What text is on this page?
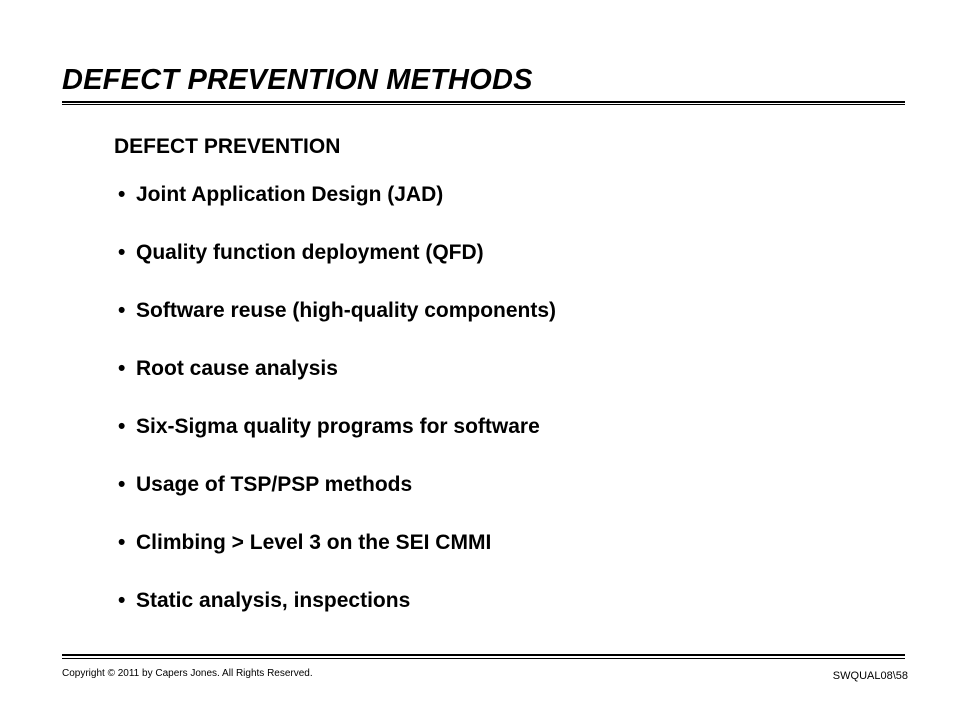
DEFECT PREVENTION METHODS
DEFECT PREVENTION
• Joint Application Design (JAD)
• Quality function deployment (QFD)
• Software reuse (high-quality components)
• Root cause analysis
• Six-Sigma quality programs for software
• Usage of TSP/PSP methods
• Climbing > Level 3 on the SEI CMMI
• Static analysis, inspections
Copyright © 2011 by Capers Jones. All Rights Reserved.	SWQUAL08\58
